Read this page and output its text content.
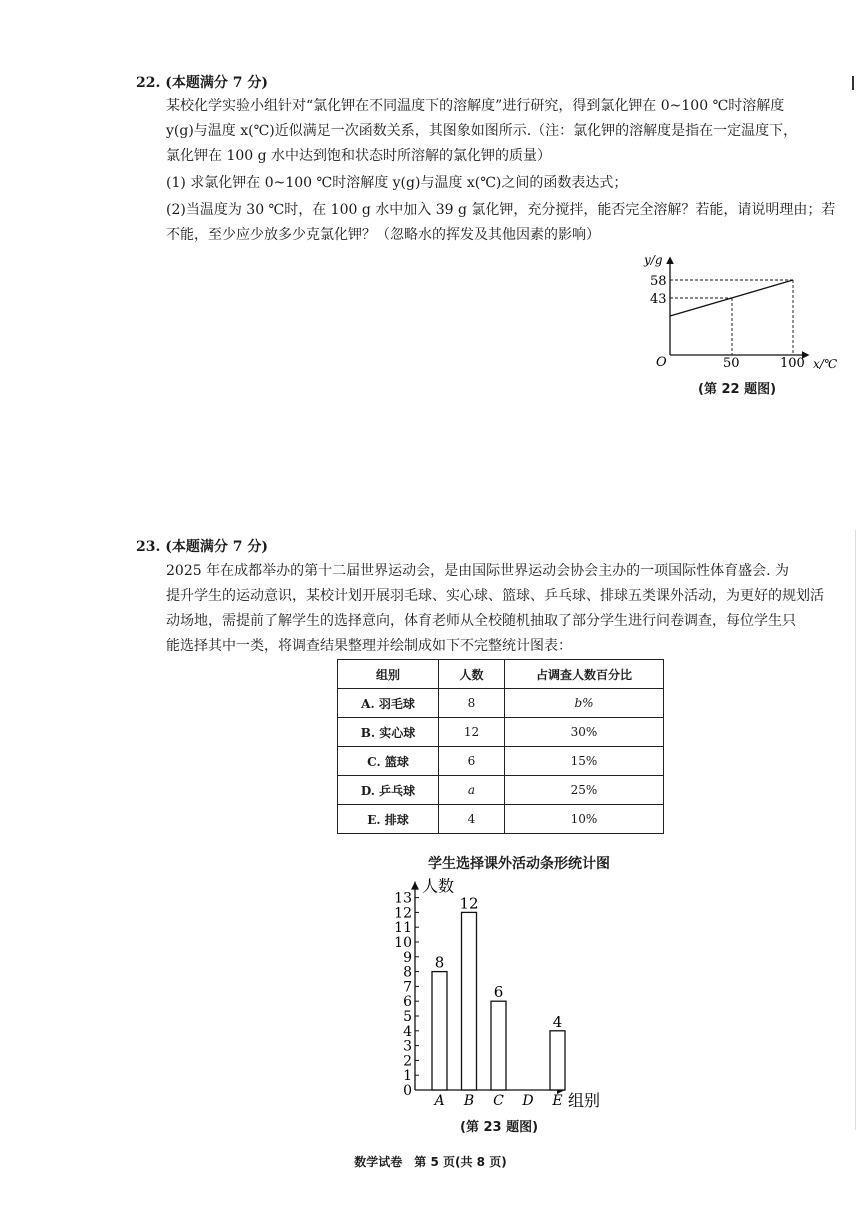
22. (本题满分 7 分)

某校化学实验小组针对“氯化钾在不同温度下的溶解度”进行研究，得到氯化钾在 0~100 ℃时溶解度

y(g)与温度 x(℃)近似满足一次函数关系，其图象如图所示.（注：氯化钾的溶解度是指在一定温度下，

氯化钾在 100 g 水中达到饱和状态时所溶解的氯化钾的质量）

(1) 求氯化钾在 0~100 ℃时溶解度 y(g)与温度 x(℃)之间的函数表达式；

(2)当温度为 30 ℃时，在 100 g 水中加入 39 g 氯化钾，充分搅拌，能否完全溶解？若能，请说明理由；若

不能，至少应少放多少克氯化钾？（忽略水的挥发及其他因素的影响）

y/g
x/℃
O
58
43
50	100
(第 22 题图)
23. (本题满分 7 分)

2025 年在成都举办的第十二届世界运动会，是由国际世界运动会协会主办的一项国际性体育盛会. 为

提升学生的运动意识，某校计划开展羽毛球、实心球、篮球、乒乓球、排球五类课外活动，为更好的规划活

动场地，需提前了解学生的选择意向，体育老师从全校随机抽取了部分学生进行问卷调查，每位学生只

能选择其中一类，将调查结果整理并绘制成如下不完整统计图表：

组别	人数	占调查人数百分比
A. 羽毛球	8	b%
B. 实心球	12	30%
C. 篮球	6	15%
D. 乒乓球	a	25%
E. 排球	4	10%
学生选择课外活动条形统计图
0
1
2
3
4
5
6
7
8
9
10
11
12
13
人数
组别
8
A
12
B
6
C D
4
E
(第 23 题图)
数学试卷　第 5 页(共 8 页)
